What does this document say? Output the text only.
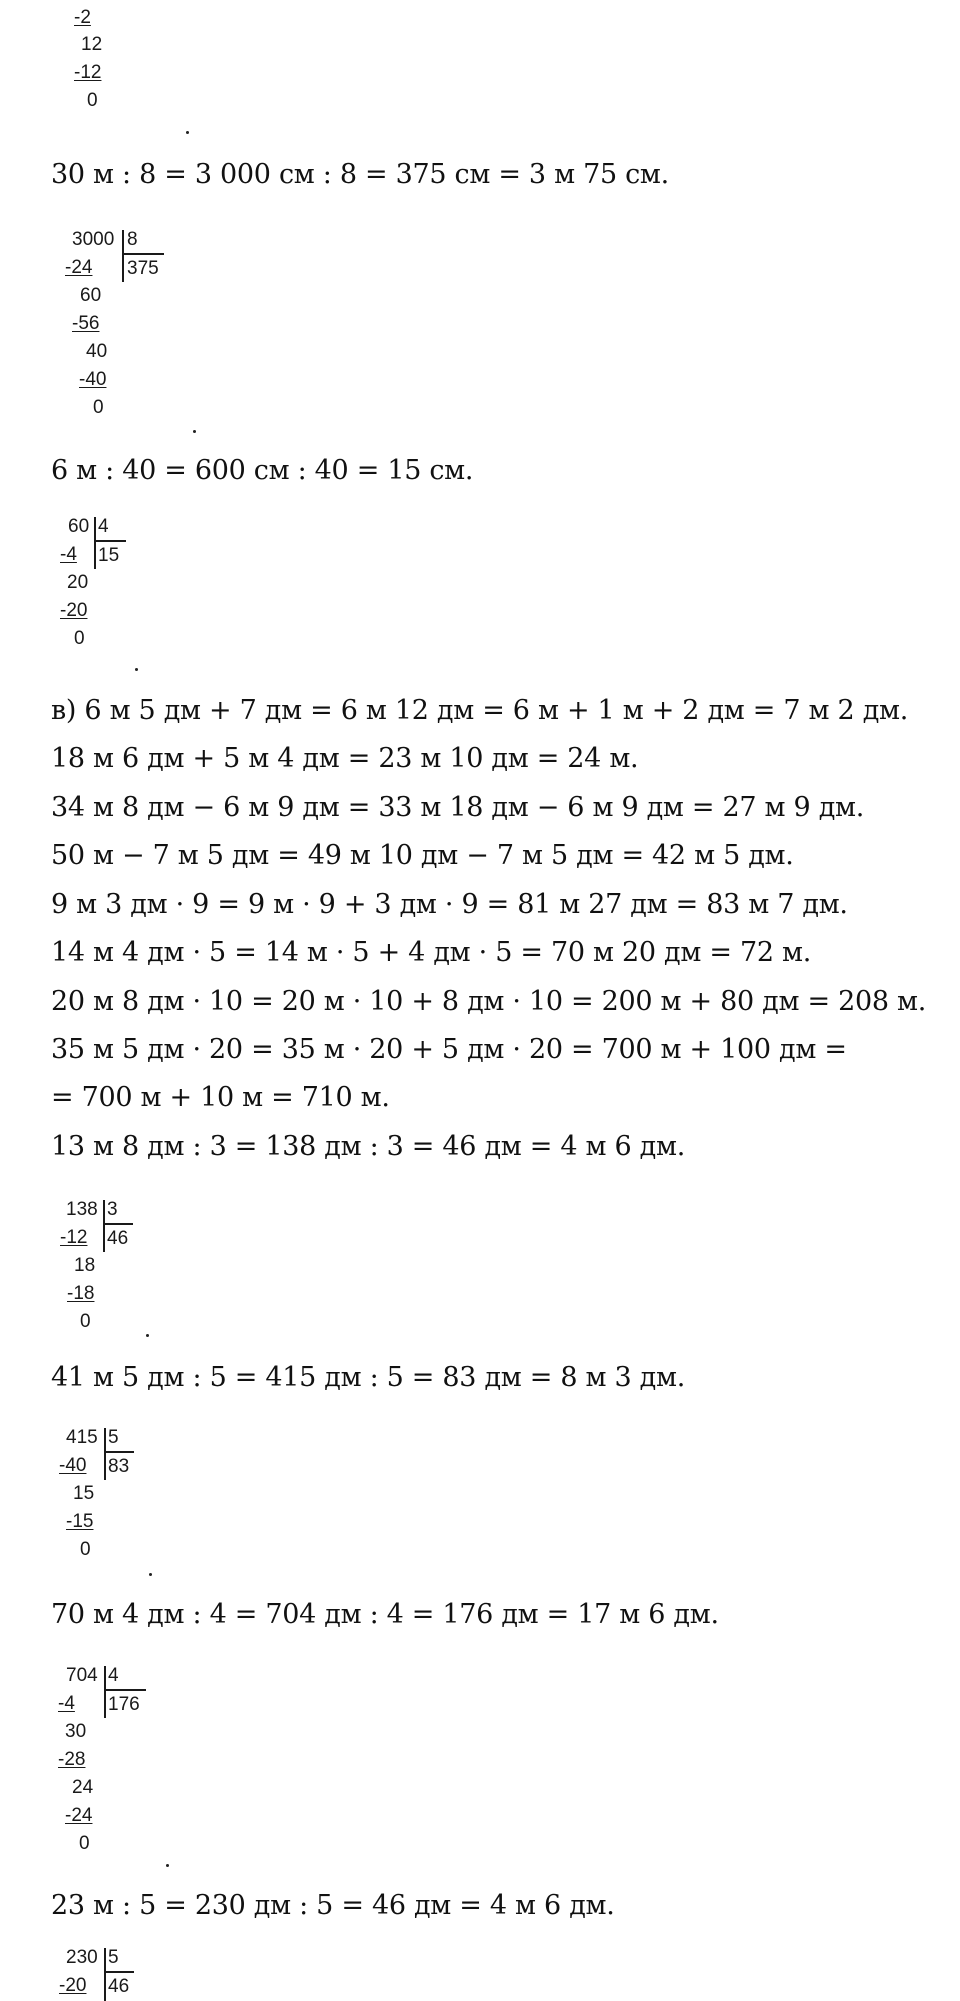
-2
12
-12
0
30 м : 8 = 3 000 см : 8 = 375 см = 3 м 75 см.
3000 8
375
-24
60
-56
40
-40
0
6 м : 40 = 600 см : 40 = 15 см.
60 4
15
-4
20
-20
0
в) 6 м 5 дм + 7 дм = 6 м 12 дм = 6 м + 1 м + 2 дм = 7 м 2 дм.
18 м 6 дм + 5 м 4 дм = 23 м 10 дм = 24 м.
34 м 8 дм − 6 м 9 дм = 33 м 18 дм − 6 м 9 дм = 27 м 9 дм.
50 м − 7 м 5 дм = 49 м 10 дм − 7 м 5 дм = 42 м 5 дм.
9 м 3 дм · 9 = 9 м · 9 + 3 дм · 9 = 81 м 27 дм = 83 м 7 дм.
14 м 4 дм · 5 = 14 м · 5 + 4 дм · 5 = 70 м 20 дм = 72 м.
20 м 8 дм · 10 = 20 м · 10 + 8 дм · 10 = 200 м + 80 дм = 208 м.
35 м 5 дм · 20 = 35 м · 20 + 5 дм · 20 = 700 м + 100 дм =
= 700 м + 10 м = 710 м.
13 м 8 дм : 3 = 138 дм : 3 = 46 дм = 4 м 6 дм.
138 3
46
-12
18
-18
0
41 м 5 дм : 5 = 415 дм : 5 = 83 дм = 8 м 3 дм.
415 5
83
-40
15
-15
0
70 м 4 дм : 4 = 704 дм : 4 = 176 дм = 17 м 6 дм.
704 4
176
-4
30
-28
24
-24
0
23 м : 5 = 230 дм : 5 = 46 дм = 4 м 6 дм.
230 5
46
-20
